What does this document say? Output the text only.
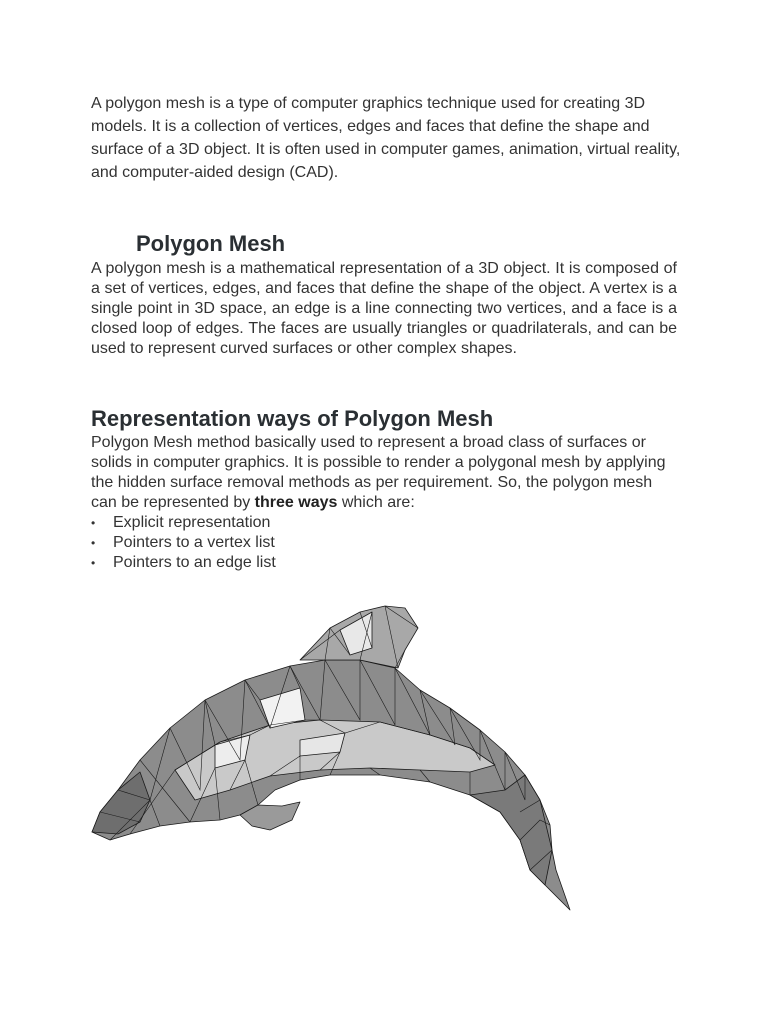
A polygon mesh is a type of computer graphics technique used for creating 3D models. It is a collection of vertices, edges and faces that define the shape and surface of a 3D object. It is often used in computer games, animation, virtual reality, and computer-aided design (CAD).

Polygon Mesh

A polygon mesh is a mathematical representation of a 3D object. It is composed of a set of vertices, edges, and faces that define the shape of the object. A vertex is a single point in 3D space, an edge is a line connecting two vertices, and a face is a closed loop of edges. The faces are usually triangles or quadrilaterals, and can be used to represent curved surfaces or other complex shapes.

Representation ways of Polygon Mesh

Polygon Mesh method basically used to represent a broad class of surfaces or solids in computer graphics. It is possible to render a polygonal mesh by applying the hidden surface removal methods as per requirement. So, the polygon mesh can be represented by three ways which are:

• Explicit representation
• Pointers to a vertex list
• Pointers to an edge list
